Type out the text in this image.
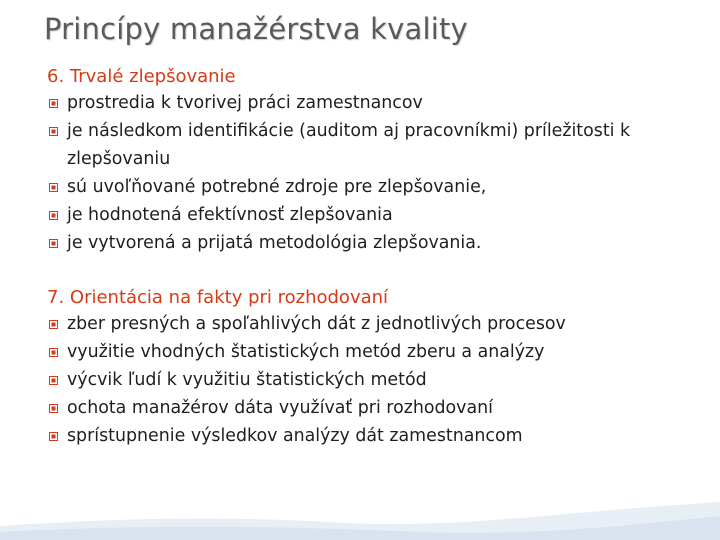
Princípy manažérstva kvality
6. Trvalé zlepšovanie
prostredia k tvorivej práci zamestnancov
je následkom identifikácie (auditom aj pracovníkmi) príležitosti k zlepšovaniu
sú uvoľňované potrebné zdroje pre zlepšovanie,
je hodnotená efektívnosť zlepšovania
je vytvorená a prijatá metodológia zlepšovania.
7. Orientácia na fakty pri rozhodovaní
zber presných a spoľahlivých dát z jednotlivých procesov
využitie vhodných štatistických metód zberu a analýzy
výcvik ľudí k využitiu štatistických metód
ochota manažérov dáta využívať pri rozhodovaní
sprístupnenie výsledkov analýzy dát zamestnancom
